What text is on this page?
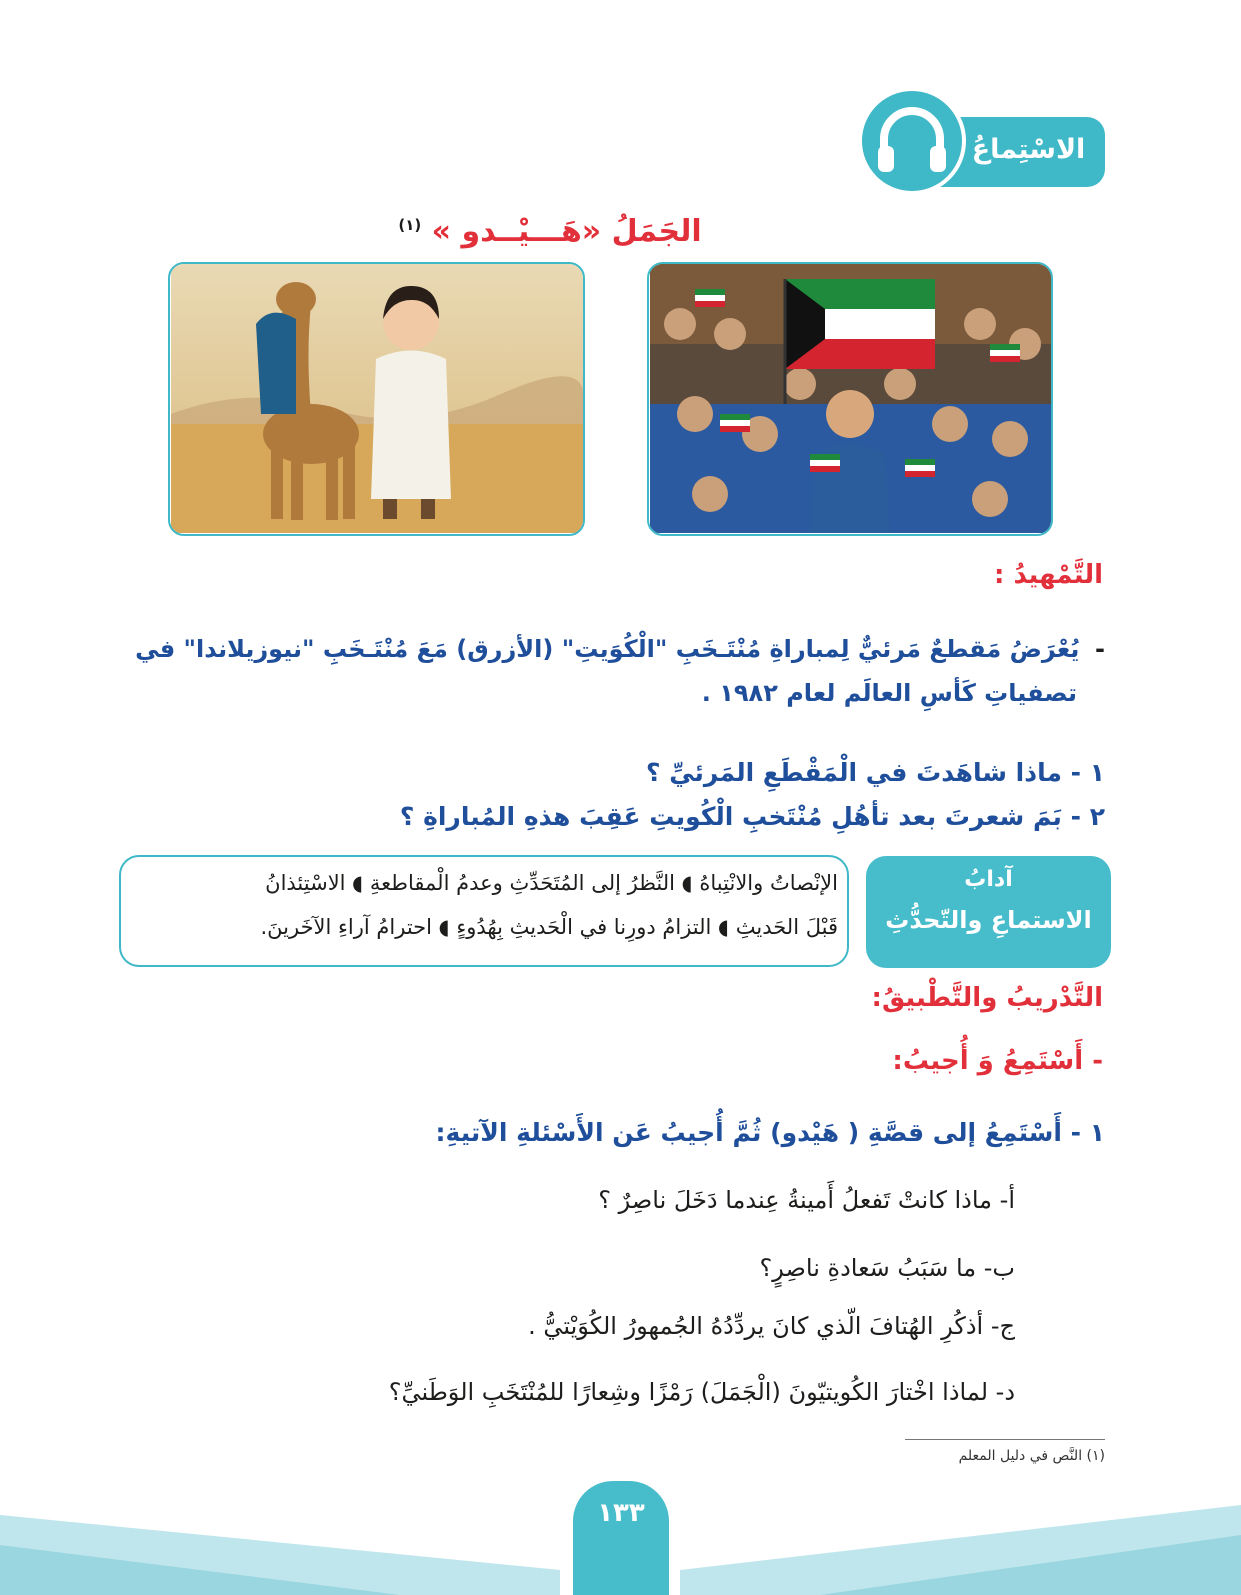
الاسْتِماعُ
الجَمَلُ «هَـــيْــدو » $^{(١)}$
التَّمْهيدُ :
- يُعْرَضُ مَقطعٌ مَرئيٌّ لِمباراةِ مُنْتَـخَبِ "الْكُوَيتِ" (الأزرق) مَعَ مُنْتَـخَبِ "نيوزيلاندا" في
تصفياتِ كَأسِ العالَم لعام ١٩٨٢ .
١ - ماذا شاهَدتَ في الْمَقْطَعِ المَرئيِّ ؟
٢ - بَمَ شعرتَ بعد تأهُلِ مُنْتَخبِ الْكُويتِ عَقِبَ هذهِ المُباراةِ ؟
آدابُ
الاستماعِ والتّحدُّثِ
الإنْصاتُ والانْتِباهُ ◖ النَّظرُ إلى المُتَحَدِّثِ وعدمُ الْمقاطعةِ ◖ الاسْتِئذانُ
قَبْلَ الحَديثِ ◖ التزامُ دورِنا في الْحَديثِ بِهُدُوءٍ ◖ احترامُ آراءِ الآخَرينَ.
التَّدْريبُ والتَّطْبيقُ:
- أَسْتَمِعُ وَ أُجيبُ:
١ - أَسْتَمِعُ إلى قصَّةِ ( هَيْدو) ثُمَّ أُجيبُ عَن الأَسْئلةِ الآتيةِ:
أ- ماذا كانتْ تَفعلُ أَمينةُ عِندما دَخَلَ ناصِرٌ ؟
ب- ما سَبَبُ سَعادةِ ناصِرٍ؟
ج- أذكُرِ الهُتافَ الّذي كانَ يردِّدُهُ الجُمهورُ الكُوَيْتيُّ .
د- لماذا اخْتارَ الكُويتيّونَ (الْجَمَلَ) رَمْزًا وشِعارًا للمُنْتَخَبِ الوَطَنيِّ؟
(١) النَّص في دليل المعلم
١٣٣
